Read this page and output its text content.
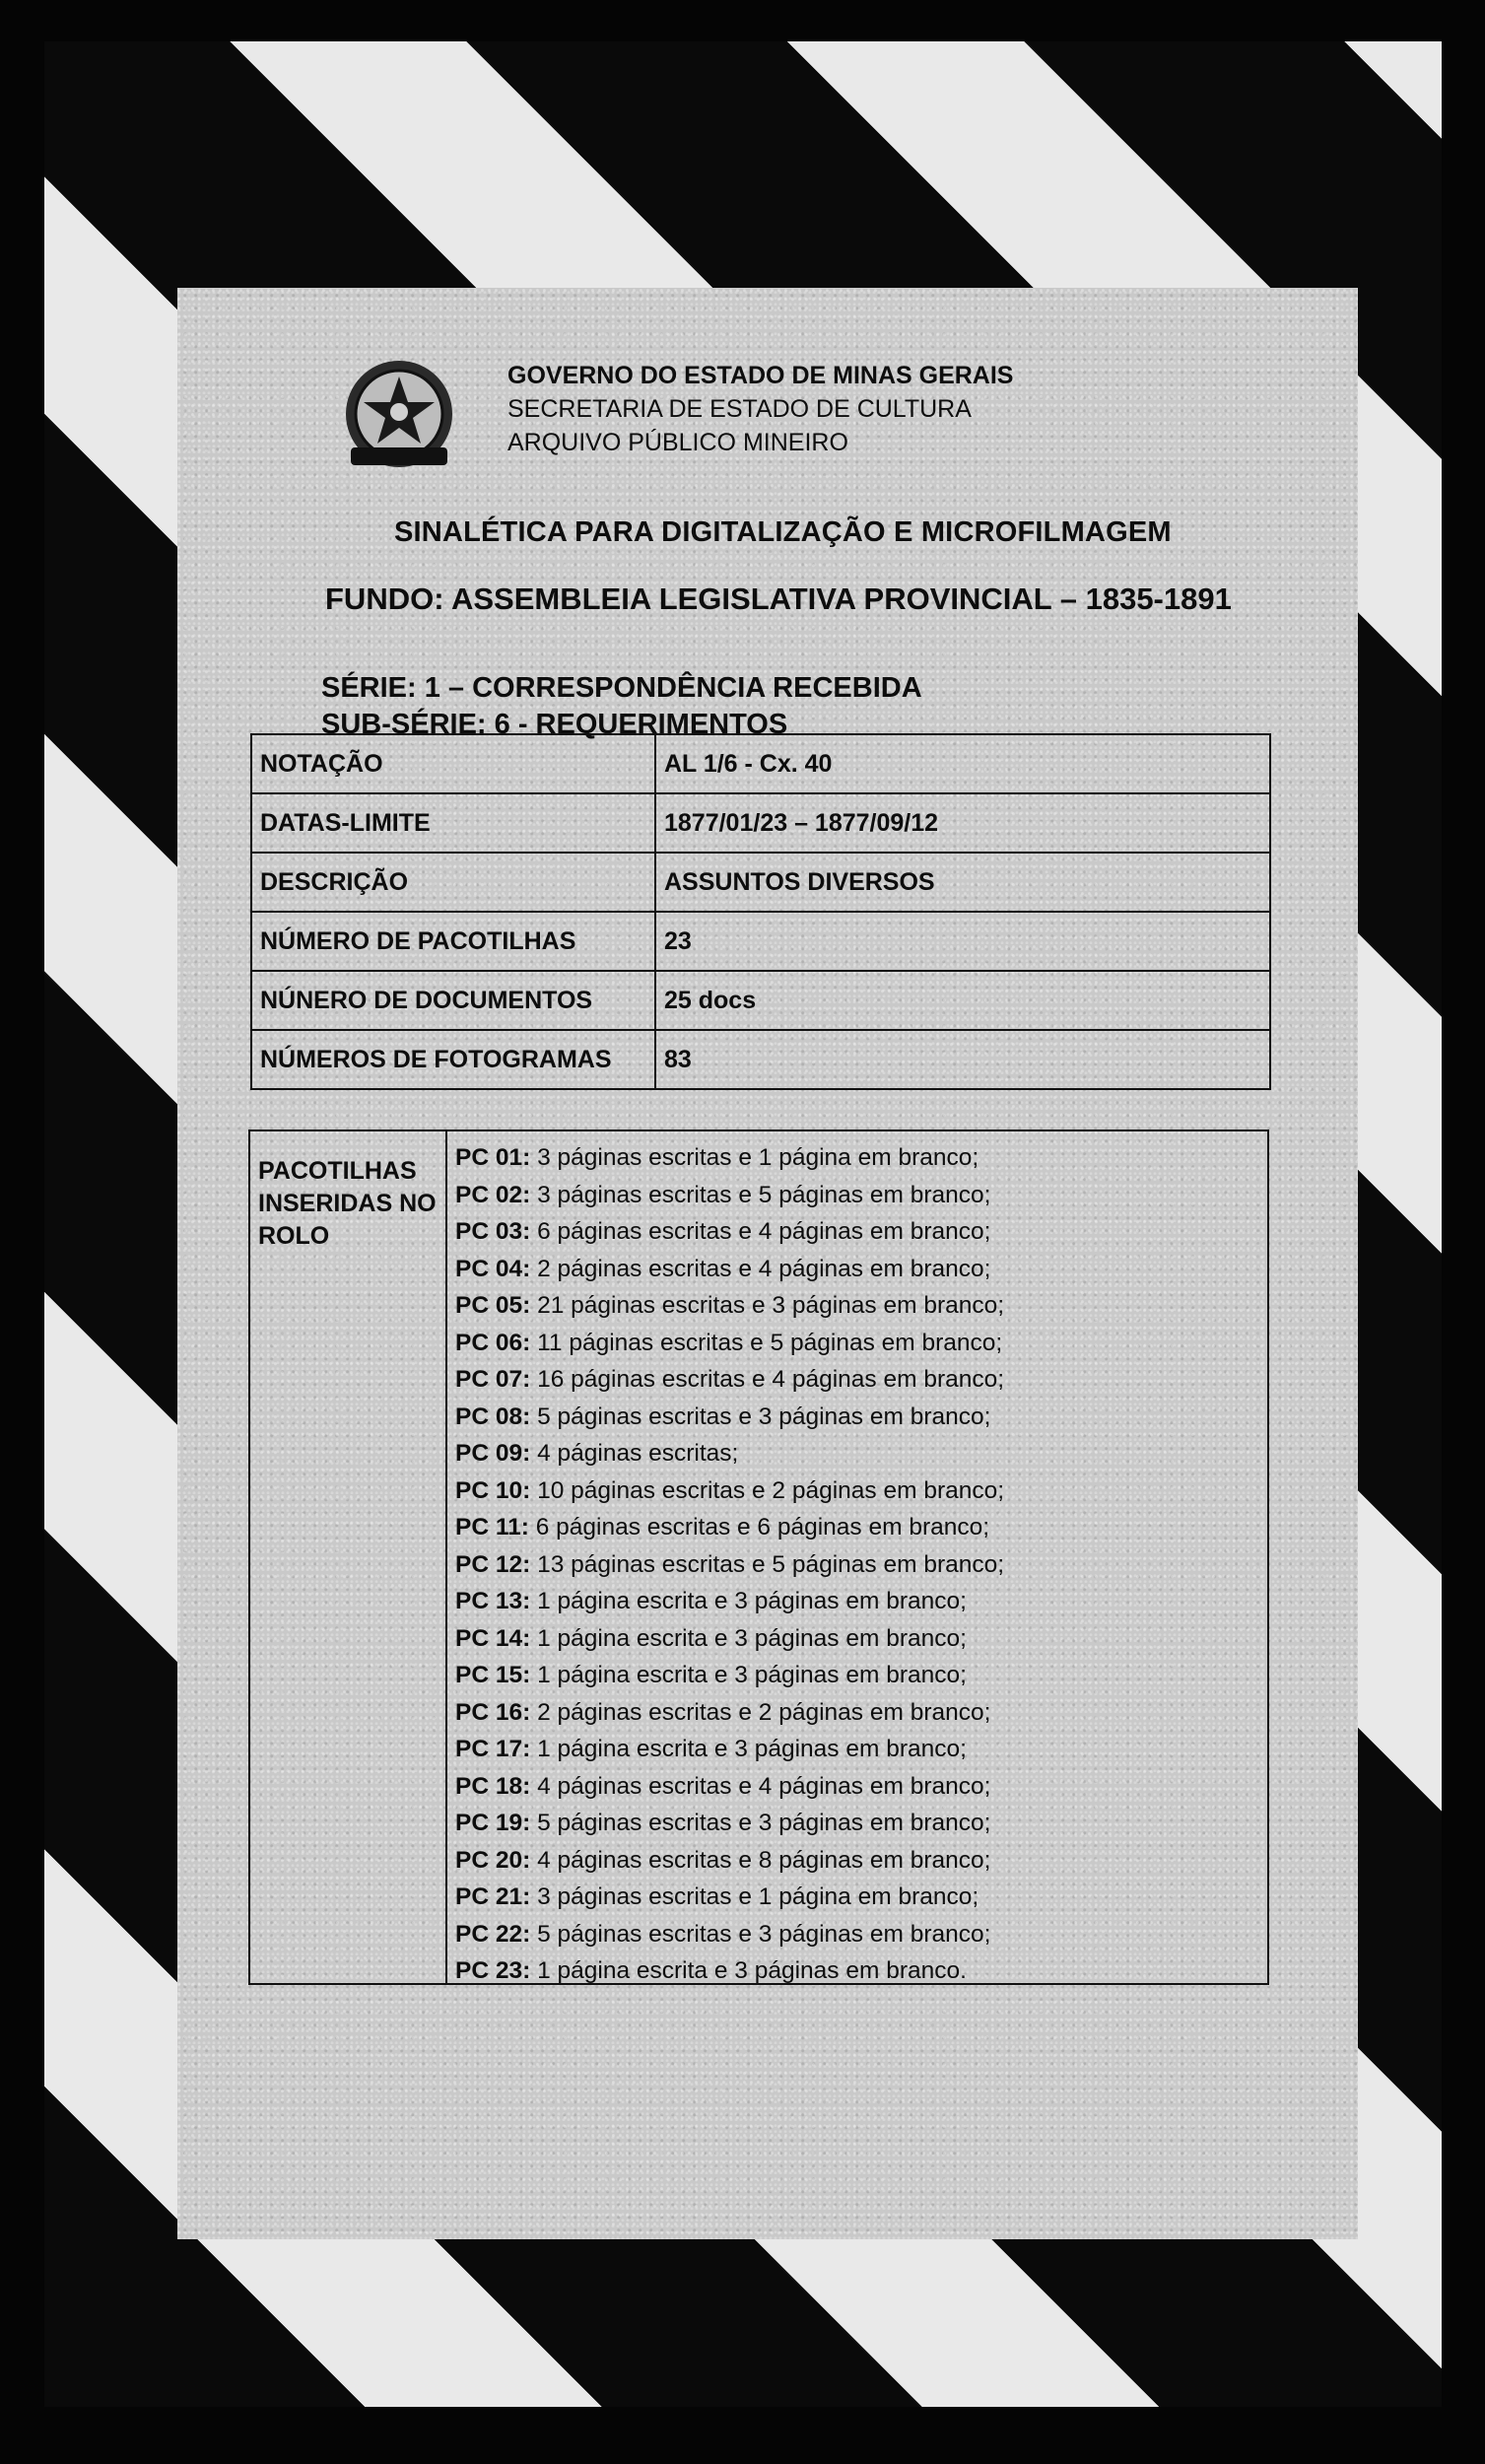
GOVERNO DO ESTADO DE MINAS GERAIS
SECRETARIA DE ESTADO DE CULTURA
ARQUIVO PÚBLICO MINEIRO
SINALÉTICA PARA DIGITALIZAÇÃO E MICROFILMAGEM
FUNDO: ASSEMBLEIA LEGISLATIVA PROVINCIAL – 1835-1891
SÉRIE: 1 – CORRESPONDÊNCIA RECEBIDA
SUB-SÉRIE: 6 - REQUERIMENTOS
NOTAÇÃO	AL 1/6 - Cx. 40
DATAS-LIMITE	1877/01/23 – 1877/09/12
DESCRIÇÃO	ASSUNTOS DIVERSOS
NÚMERO DE PACOTILHAS	23
NÚNERO DE DOCUMENTOS	25 docs
NÚMEROS DE FOTOGRAMAS	83
PACOTILHAS INSERIDAS NO ROLO
PC 01: 3 páginas escritas e 1 página em branco;
PC 02: 3 páginas escritas e 5 páginas em branco;
PC 03: 6 páginas escritas e 4 páginas em branco;
PC 04: 2 páginas escritas e 4 páginas em branco;
PC 05: 21 páginas escritas e 3 páginas em branco;
PC 06: 11 páginas escritas e 5 páginas em branco;
PC 07: 16 páginas escritas e 4 páginas em branco;
PC 08: 5 páginas escritas e 3 páginas em branco;
PC 09: 4 páginas escritas;
PC 10: 10 páginas escritas e 2 páginas em branco;
PC 11: 6 páginas escritas e 6 páginas em branco;
PC 12: 13 páginas escritas e 5 páginas em branco;
PC 13: 1 página escrita e 3 páginas em branco;
PC 14: 1 página escrita e 3 páginas em branco;
PC 15: 1 página escrita e 3 páginas em branco;
PC 16: 2 páginas escritas e 2 páginas em branco;
PC 17: 1 página escrita e 3 páginas em branco;
PC 18: 4 páginas escritas e 4 páginas em branco;
PC 19: 5 páginas escritas e 3 páginas em branco;
PC 20: 4 páginas escritas e 8 páginas em branco;
PC 21: 3 páginas escritas e 1 página em branco;
PC 22: 5 páginas escritas e 3 páginas em branco;
PC 23: 1 página escrita e 3 páginas em branco.
